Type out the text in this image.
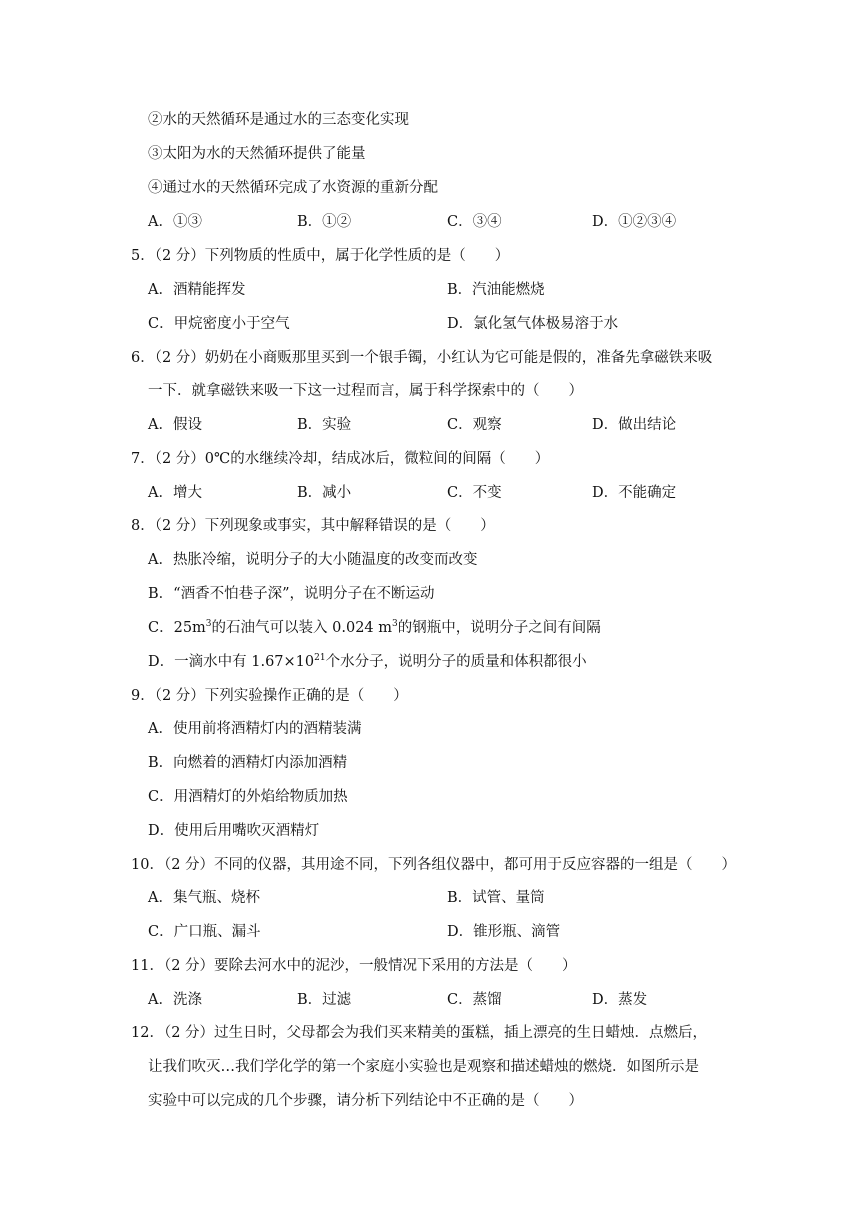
②水的天然循环是通过水的三态变化实现
③太阳为水的天然循环提供了能量
④通过水的天然循环完成了水资源的重新分配
A．①③	B．①②	C．③④	D．①②③④
5．（2 分）下列物质的性质中，属于化学性质的是（　　）
A．酒精能挥发	B．汽油能燃烧
C．甲烷密度小于空气	D．氯化氢气体极易溶于水
6．（2 分）奶奶在小商贩那里买到一个银手镯，小红认为它可能是假的，准备先拿磁铁来吸
一下．就拿磁铁来吸一下这一过程而言，属于科学探索中的（　　）
A．假设	B．实验	C．观察	D．做出结论
7．（2 分）0℃的水继续冷却，结成冰后，微粒间的间隔（　　）
A．增大	B．减小	C．不变	D．不能确定
8．（2 分）下列现象或事实，其中解释错误的是（　　）
A．热胀冷缩，说明分子的大小随温度的改变而改变
B．“酒香不怕巷子深”，说明分子在不断运动
C．$25m^3$的石油气可以装入 0.024 $m^3$的钢瓶中，说明分子之间有间隔
D．一滴水中有 $1.67\times 10^{21}$个水分子，说明分子的质量和体积都很小
9．（2 分）下列实验操作正确的是（　　）
A．使用前将酒精灯内的酒精装满
B．向燃着的酒精灯内添加酒精
C．用酒精灯的外焰给物质加热
D．使用后用嘴吹灭酒精灯
10．（2 分）不同的仪器，其用途不同，下列各组仪器中，都可用于反应容器的一组是（　　）
A．集气瓶、烧杯	B．试管、量筒
C．广口瓶、漏斗	D．锥形瓶、滴管
11．（2 分）要除去河水中的泥沙，一般情况下采用的方法是（　　）
A．洗涤	B．过滤	C．蒸馏	D．蒸发
12．（2 分）过生日时，父母都会为我们买来精美的蛋糕，插上漂亮的生日蜡烛．点燃后，
让我们吹灭…我们学化学的第一个家庭小实验也是观察和描述蜡烛的燃烧．如图所示是
实验中可以完成的几个步骤，请分析下列结论中不正确的是（　　）
